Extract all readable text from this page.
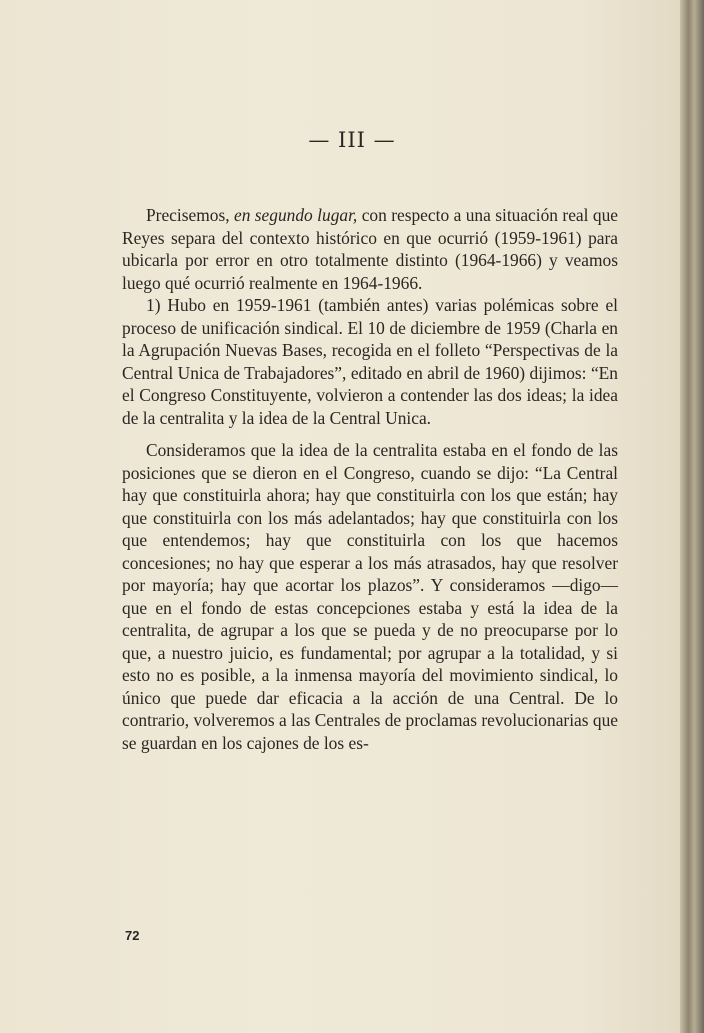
— III —

Precisemos, en segundo lugar, con respecto a una situación real que Reyes separa del contexto histórico en que ocurrió (1959-1961) para ubicarla por error en otro totalmente distinto (1964-1966) y veamos luego qué ocurrió realmente en 1964-1966.

1) Hubo en 1959-1961 (también antes) varias polémicas sobre el proceso de unificación sindical. El 10 de diciembre de 1959 (Charla en la Agrupación Nuevas Bases, recogida en el folleto “Perspectivas de la Central Unica de Trabajadores”, editado en abril de 1960) dijimos: “En el Congreso Constituyente, volvieron a contender las dos ideas; la idea de la centralita y la idea de la Central Unica.

Consideramos que la idea de la centralita estaba en el fondo de las posiciones que se dieron en el Congreso, cuando se dijo: “La Central hay que constituirla ahora; hay que constituirla con los que están; hay que constituirla con los más adelantados; hay que constituirla con los que entendemos; hay que constituirla con los que hacemos concesiones; no hay que esperar a los más atrasados, hay que resolver por mayoría; hay que acortar los plazos”. Y consideramos —digo— que en el fondo de estas concepciones estaba y está la idea de la centralita, de agrupar a los que se pueda y de no preocuparse por lo que, a nuestro juicio, es fundamental; por agrupar a la totalidad, y si esto no es posible, a la inmensa mayoría del movimiento sindical, lo único que puede dar eficacia a la acción de una Central. De lo contrario, volveremos a las Centrales de proclamas revolucionarias que se guardan en los cajones de los es-

72
